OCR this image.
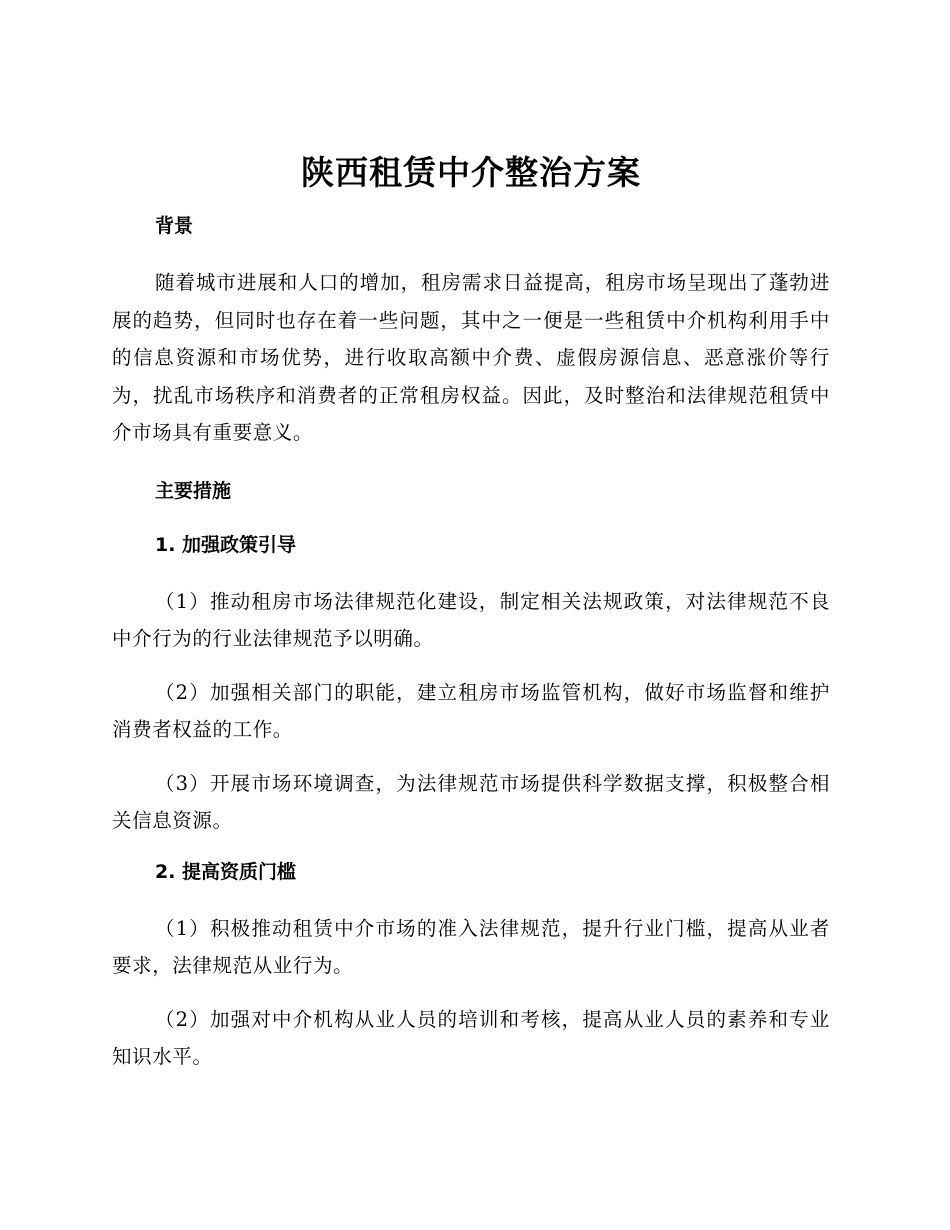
陕西租赁中介整治方案

背景

随着城市进展和人口的增加，租房需求日益提高，租房市场呈现出了蓬勃进展的趋势，但同时也存在着一些问题，其中之一便是一些租赁中介机构利用手中的信息资源和市场优势，进行收取高额中介费、虚假房源信息、恶意涨价等行为，扰乱市场秩序和消费者的正常租房权益。因此，及时整治和法律规范租赁中介市场具有重要意义。

主要措施

1. 加强政策引导

（1）推动租房市场法律规范化建设，制定相关法规政策，对法律规范不良中介行为的行业法律规范予以明确。

（2）加强相关部门的职能，建立租房市场监管机构，做好市场监督和维护消费者权益的工作。

（3）开展市场环境调查，为法律规范市场提供科学数据支撑，积极整合相关信息资源。

2. 提高资质门槛

（1）积极推动租赁中介市场的准入法律规范，提升行业门槛，提高从业者要求，法律规范从业行为。

（2）加强对中介机构从业人员的培训和考核，提高从业人员的素养和专业知识水平。
